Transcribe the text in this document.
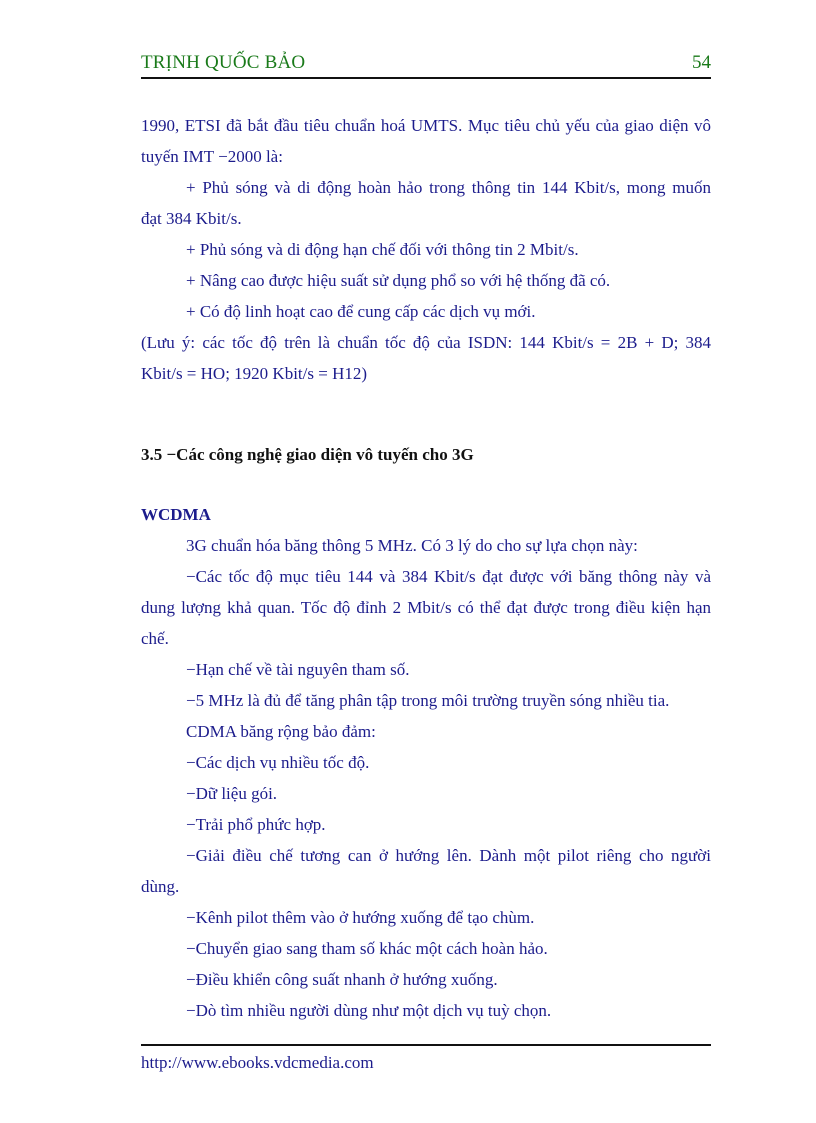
TRỊNH QUỐC BẢO	54
1990, ETSI đã bắt đầu tiêu chuẩn hoá UMTS. Mục tiêu chủ yếu của giao diện vô
tuyến IMT −2000 là:
+ Phủ sóng và di động hoàn hảo trong thông tin 144 Kbit/s, mong muốn
đạt 384 Kbit/s.
+ Phủ sóng và di động hạn chế đối với thông tin 2 Mbit/s.
+ Nâng cao được hiệu suất sử dụng phổ so với hệ thống đã có.
+ Có độ linh hoạt cao để cung cấp các dịch vụ mới.
(Lưu ý: các tốc độ trên là chuẩn tốc độ của ISDN: 144 Kbit/s = 2B + D; 384
Kbit/s = HO; 1920 Kbit/s = H12)

3.5 −Các công nghệ giao diện vô tuyến cho 3G

WCDMA

3G chuẩn hóa băng thông 5 MHz. Có 3 lý do cho sự lựa chọn này:
−Các tốc độ mục tiêu 144 và 384 Kbit/s đạt được với băng thông này và
dung lượng khả quan. Tốc độ đỉnh 2 Mbit/s có thể đạt được trong điều kiện hạn
chế.
−Hạn chế về tài nguyên tham số.
−5 MHz là đủ để tăng phân tập trong môi trường truyền sóng nhiều tia.
CDMA băng rộng bảo đảm:
−Các dịch vụ nhiều tốc độ.
−Dữ liệu gói.
−Trải phổ phức hợp.
−Giải điều chế tương can ở hướng lên. Dành một pilot riêng cho người
dùng.
−Kênh pilot thêm vào ở hướng xuống để tạo chùm.
−Chuyển giao sang tham số khác một cách hoàn hảo.
−Điều khiển công suất nhanh ở hướng xuống.
−Dò tìm nhiều người dùng như một dịch vụ tuỳ chọn.
http://www.ebooks.vdcmedia.com
